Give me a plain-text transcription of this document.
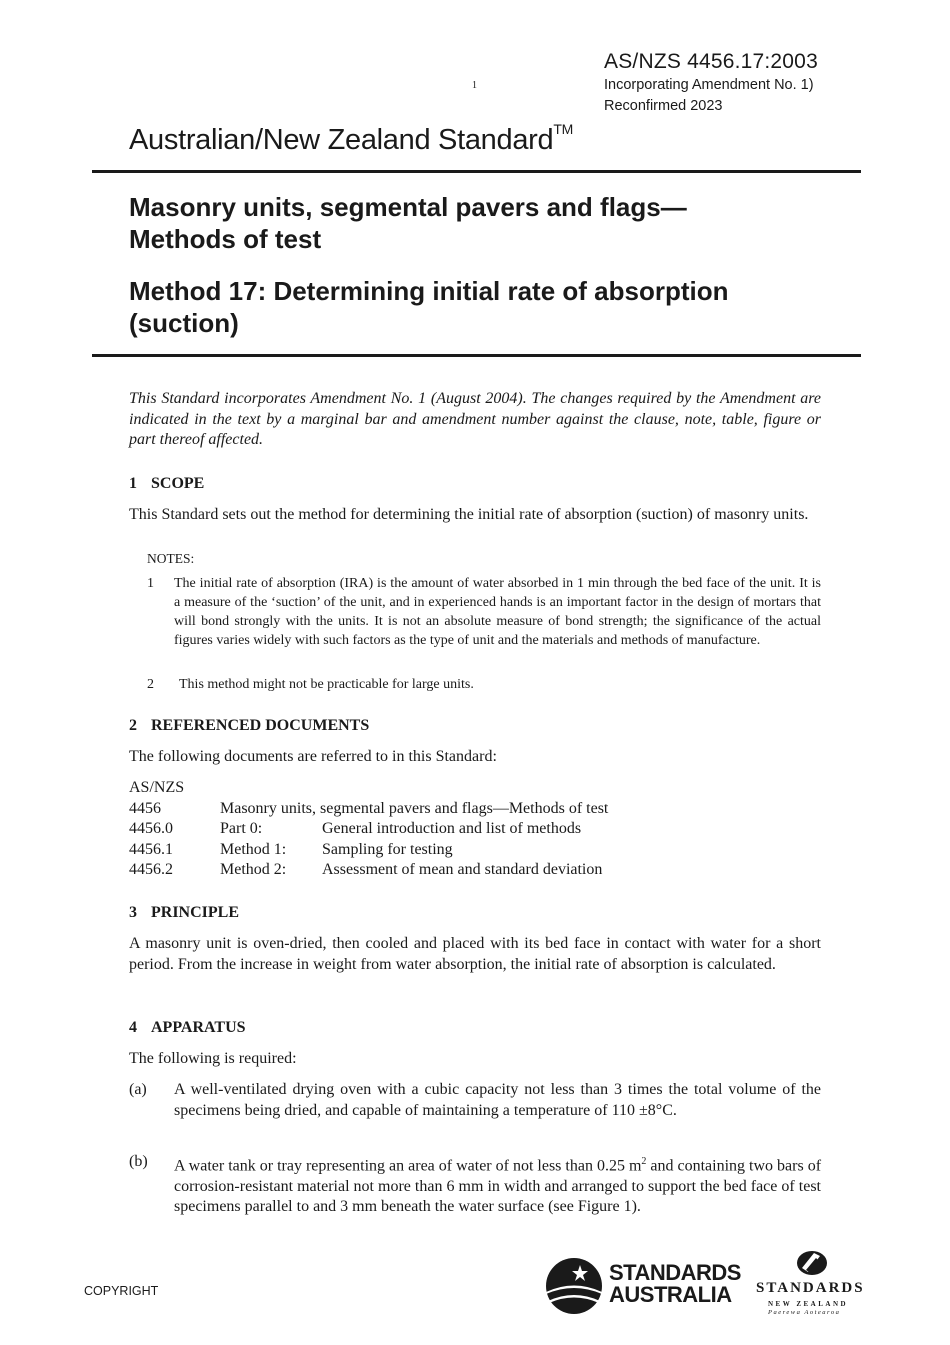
AS/NZS 4456.17:2003
Incorporating Amendment No. 1)
Reconfirmed 2023
1
Australian/New Zealand Standard™
Masonry units, segmental pavers and flags—
Methods of test
Method 17: Determining initial rate of absorption
(suction)
This Standard incorporates Amendment No. 1 (August 2004). The changes required by the Amendment are indicated in the text by a marginal bar and amendment number against the clause, note, table, figure or part thereof affected.
1 SCOPE
This Standard sets out the method for determining the initial rate of absorption (suction) of masonry units.
NOTES:
1 The initial rate of absorption (IRA) is the amount of water absorbed in 1 min through the bed face of the unit. It is a measure of the ‘suction’ of the unit, and in experienced hands is an important factor in the design of mortars that will bond strongly with the units. It is not an absolute measure of bond strength; the significance of the actual figures varies widely with such factors as the type of unit and the materials and methods of manufacture.
2 This method might not be practicable for large units.
2 REFERENCED DOCUMENTS
The following documents are referred to in this Standard:
AS/NZS
4456	Masonry units, segmental pavers and flags—Methods of test
4456.0	Part 0:	General introduction and list of methods
4456.1	Method 1: Sampling for testing
4456.2	Method 2: Assessment of mean and standard deviation
3 PRINCIPLE
A masonry unit is oven-dried, then cooled and placed with its bed face in contact with water for a short period. From the increase in weight from water absorption, the initial rate of absorption is calculated.
4 APPARATUS
The following is required:
(a) A well-ventilated drying oven with a cubic capacity not less than 3 times the total volume of the specimens being dried, and capable of maintaining a temperature of 110 ±8°C.
(b) A water tank or tray representing an area of water of not less than 0.25 $m^2$ and containing two bars of corrosion-resistant material not more than 6 mm in width and arranged to support the bed face of test specimens parallel to and 3 mm beneath the water surface (see Figure 1).
COPYRIGHT
STANDARDS
AUSTRALIA	STANDARDS
NEW ZEALAND
Paerewa Aotearoa
